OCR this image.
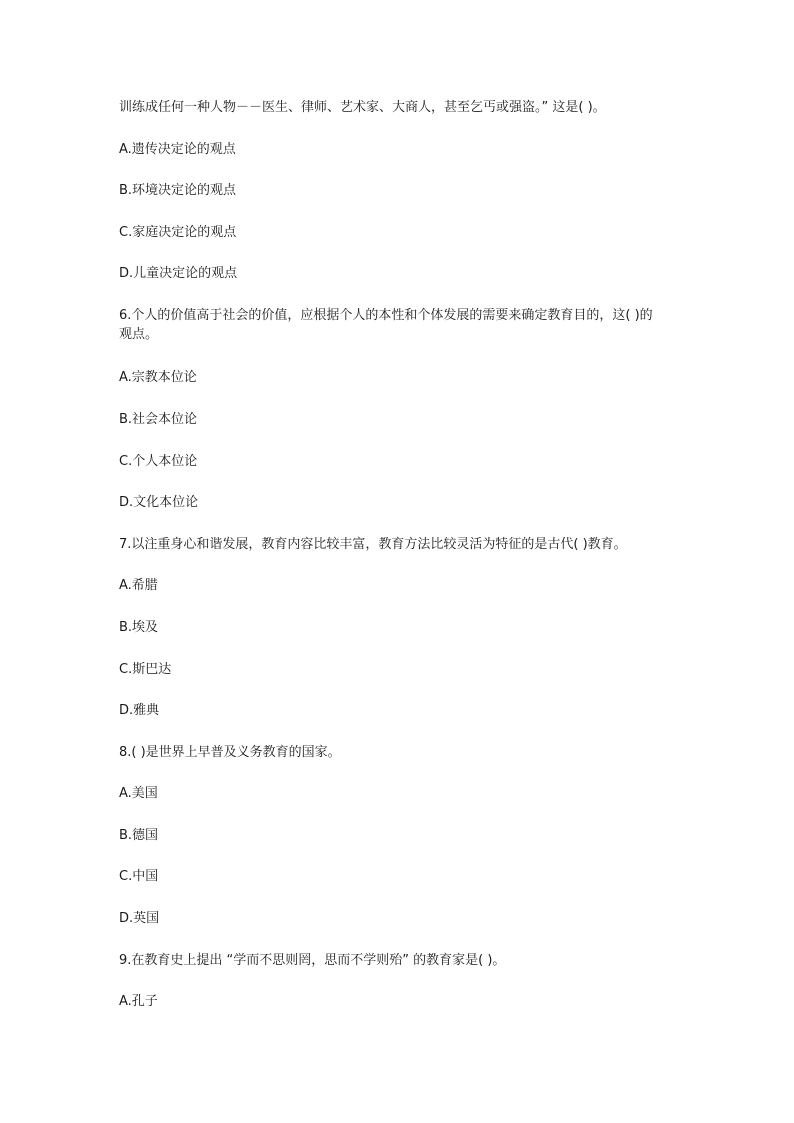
训练成任何一种人物－－医生、律师、艺术家、大商人，甚至乞丐或强盗。” 这是( )。
A.遗传决定论的观点
B.环境决定论的观点
C.家庭决定论的观点
D.儿童决定论的观点
6.个人的价值高于社会的价值，应根据个人的本性和个体发展的需要来确定教育目的，这( )的
观点。
A.宗教本位论
B.社会本位论
C.个人本位论
D.文化本位论
7.以注重身心和谐发展，教育内容比较丰富，教育方法比较灵活为特征的是古代( )教育。
A.希腊
B.埃及
C.斯巴达
D.雅典
8.( )是世界上早普及义务教育的国家。
A.美国
B.德国
C.中国
D.英国
9.在教育史上提出 “学而不思则罔，思而不学则殆” 的教育家是( )。
A.孔子
